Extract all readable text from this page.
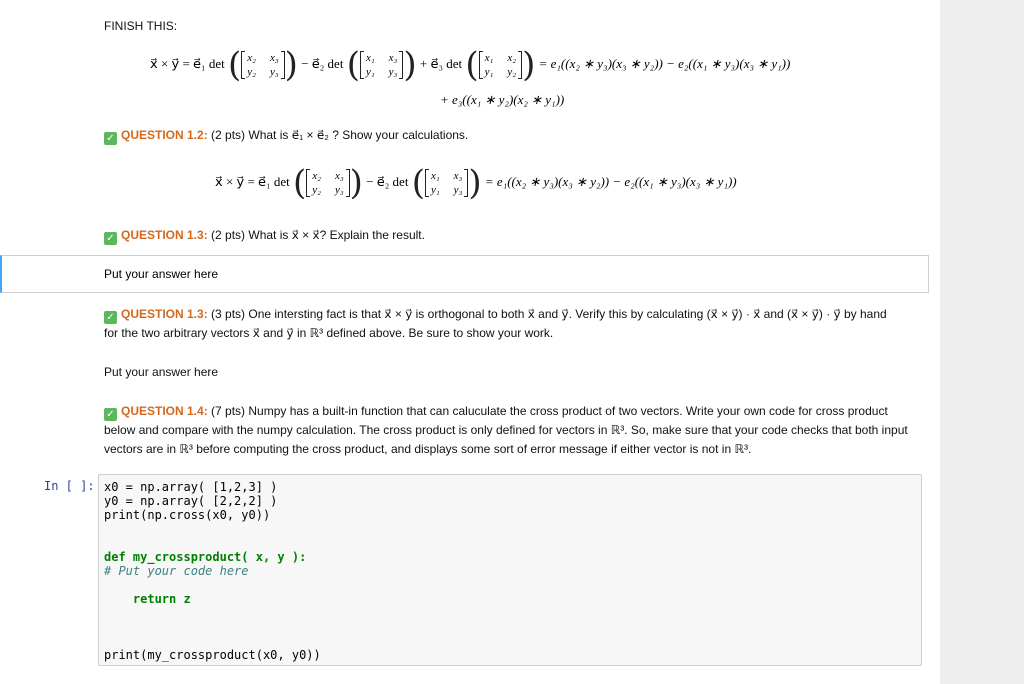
FINISH THIS:
x⃗ × y⃗ = e⃗₁ det ( x₂ x₃
y₂ y₃ ) − e⃗₂ det ( x₁ x₃
y₁ y₃ ) + e⃗₃ det ( x₁ x₂
y₁ y₂ ) = e₁((x₂ ∗ y₃)(x₃ ∗ y₂)) − e₂((x₁ ∗ y₃)(x₃ ∗ y₁))
+ e₃((x₁ ∗ y₂)(x₂ ∗ y₁))
✓ QUESTION 1.2: (2 pts) What is e⃗₁ × e⃗₂ ? Show your calculations.
x⃗ × y⃗ = e⃗₁ det ( x₂ x₃
y₂ y₃ ) − e⃗₂ det ( x₁ x₃
y₁ y₃ ) = e₁((x₂ ∗ y₃)(x₃ ∗ y₂)) − e₂((x₁ ∗ y₃)(x₃ ∗ y₁))
✓ QUESTION 1.3: (2 pts) What is x⃗ × x⃗? Explain the result.
Put your answer here
✓ QUESTION 1.3: (3 pts) One intersting fact is that x⃗ × y⃗ is orthogonal to both x⃗ and y⃗. Verify this by calculating (x⃗ × y⃗) · x⃗ and (x⃗ × y⃗) · y⃗ by hand
for the two arbitrary vectors x⃗ and y⃗ in ℝ³ defined above. Be sure to show your work.
Put your answer here
✓ QUESTION 1.4: (7 pts) Numpy has a built-in function that can caluculate the cross product of two vectors. Write your own code for cross product
below and compare with the numpy calculation. The cross product is only defined for vectors in ℝ³. So, make sure that your code checks that both input
vectors are in ℝ³ before computing the cross product, and displays some sort of error message if either vector is not in ℝ³.
In [ ]: x0 = np.array( [1,2,3] )
y0 = np.array( [2,2,2] )
print(np.cross(x0, y0))

def my_crossproduct( x, y ):
# Put your code here

return z

print(my_crossproduct(x0, y0))
